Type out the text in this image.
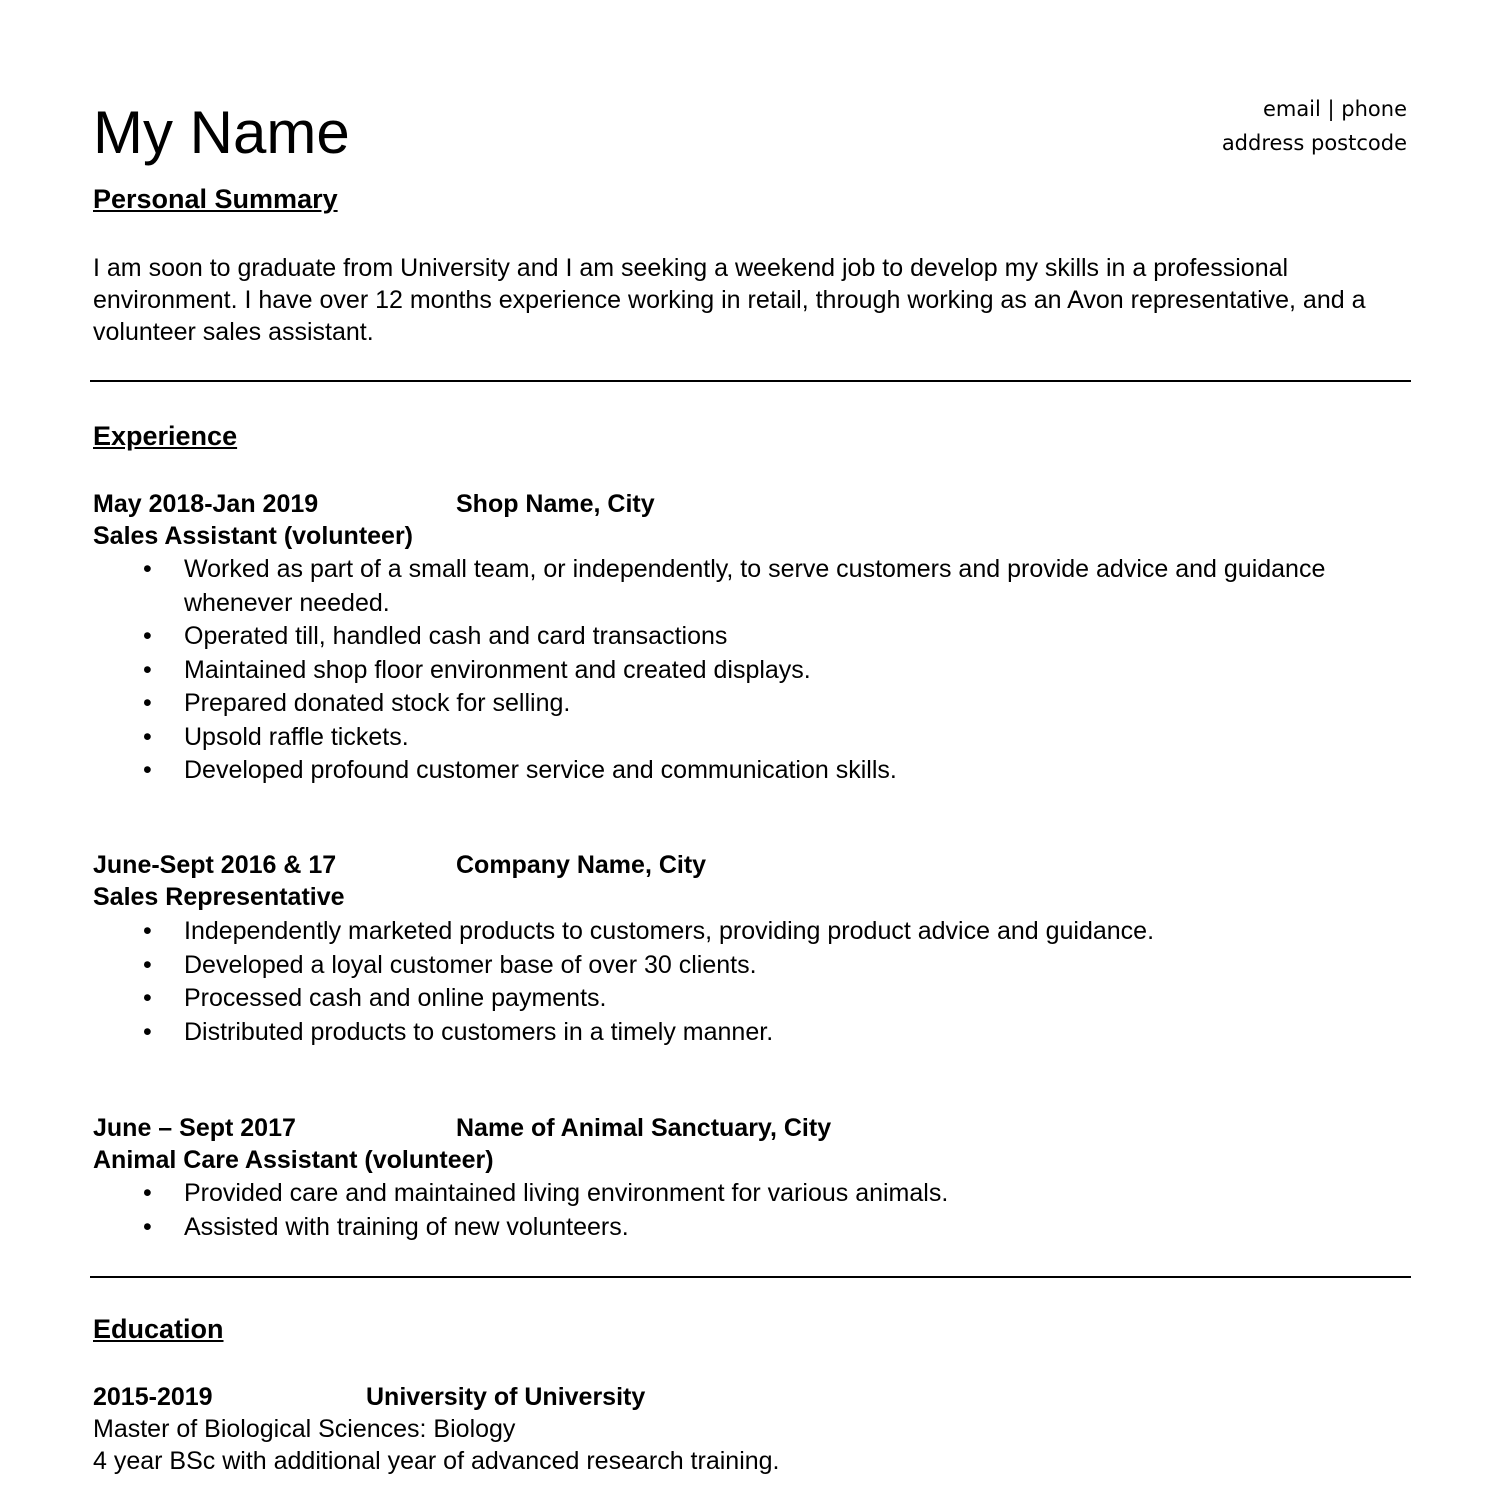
My Name	email | phone
address postcode
Personal Summary
I am soon to graduate from University and I am seeking a weekend job to develop my skills in a professional environment. I have over 12 months experience working in retail, through working as an Avon representative, and a volunteer sales assistant.
Experience
May 2018-Jan 2019	Shop Name, City
Sales Assistant (volunteer)
• Worked as part of a small team, or independently, to serve customers and provide advice and guidance whenever needed.
• Operated till, handled cash and card transactions
• Maintained shop floor environment and created displays.
• Prepared donated stock for selling.
• Upsold raffle tickets.
• Developed profound customer service and communication skills.
June-Sept 2016 & 17	Company Name, City
Sales Representative
• Independently marketed products to customers, providing product advice and guidance.
• Developed a loyal customer base of over 30 clients.
• Processed cash and online payments.
• Distributed products to customers in a timely manner.
June – Sept 2017	Name of Animal Sanctuary, City
Animal Care Assistant (volunteer)
• Provided care and maintained living environment for various animals.
• Assisted with training of new volunteers.
Education
2015-2019	University of University
Master of Biological Sciences: Biology
4 year BSc with additional year of advanced research training.
